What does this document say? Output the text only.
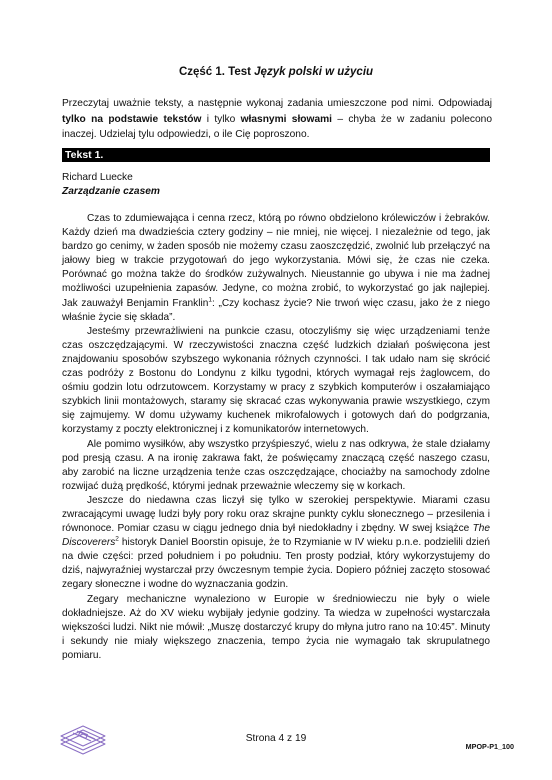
Część 1. Test Język polski w użyciu
Przeczytaj uważnie teksty, a następnie wykonaj zadania umieszczone pod nimi. Odpowiadaj tylko na podstawie tekstów i tylko własnymi słowami – chyba że w zadaniu polecono inaczej. Udzielaj tylu odpowiedzi, o ile Cię poproszono.
Tekst 1.
Richard Luecke
Zarządzanie czasem

Czas to zdumiewająca i cenna rzecz, którą po równo obdzielono królewiczów i żebraków. Każdy dzień ma dwadzieścia cztery godziny – nie mniej, nie więcej. I niezależnie od tego, jak bardzo go cenimy, w żaden sposób nie możemy czasu zaoszczędzić, zwolnić lub przełączyć na jałowy bieg w trakcie przygotowań do jego wykorzystania. Mówi się, że czas nie czeka. Porównać go można także do środków zużywalnych. Nieustannie go ubywa i nie ma żadnej możliwości uzupełnienia zapasów. Jedyne, co można zrobić, to wykorzystać go jak najlepiej. Jak zauważył Benjamin Franklin$^1$: „Czy kochasz życie? Nie trwoń więc czasu, jako że z niego właśnie życie się składa”.

Jesteśmy przewrażliwieni na punkcie czasu, otoczyliśmy się więc urządzeniami tenże czas oszczędzającymi. W rzeczywistości znaczna część ludzkich działań poświęcona jest znajdowaniu sposobów szybszego wykonania różnych czynności. I tak udało nam się skrócić czas podróży z Bostonu do Londynu z kilku tygodni, których wymagał rejs żaglowcem, do ośmiu godzin lotu odrzutowcem. Korzystamy w pracy z szybkich komputerów i oszałamiająco szybkich linii montażowych, staramy się skracać czas wykonywania prawie wszystkiego, czym się zajmujemy. W domu używamy kuchenek mikrofalowych i gotowych dań do podgrzania, korzystamy z poczty elektronicznej i z komunikatorów internetowych.

Ale pomimo wysiłków, aby wszystko przyśpieszyć, wielu z nas odkrywa, że stale działamy pod presją czasu. A na ironię zakrawa fakt, że poświęcamy znaczącą część naszego czasu, aby zarobić na liczne urządzenia tenże czas oszczędzające, chociażby na samochody zdolne rozwijać dużą prędkość, którymi jednak przeważnie wleczemy się w korkach.

Jeszcze do niedawna czas liczył się tylko w szerokiej perspektywie. Miarami czasu zwracającymi uwagę ludzi były pory roku oraz skrajne punkty cyklu słonecznego – przesilenia i równonoce. Pomiar czasu w ciągu jednego dnia był niedokładny i zbędny. W swej książce The Discoverers$^2$ historyk Daniel Boorstin opisuje, że to Rzymianie w IV wieku p.n.e. podzielili dzień na dwie części: przed południem i po południu. Ten prosty podział, który wykorzystujemy do dziś, najwyraźniej wystarczał przy ówczesnym tempie życia. Dopiero później zaczęto stosować zegary słoneczne i wodne do wyznaczania godzin.

Zegary mechaniczne wynaleziono w Europie w średniowieczu nie były o wiele dokładniejsze. Aż do XV wieku wybijały jedynie godziny. Ta wiedza w zupełności wystarczała większości ludzi. Nikt nie mówił: „Muszę dostarczyć krupy do młyna jutro rano na 10:45”. Minuty i sekundy nie miały większego znaczenia, tempo życia nie wymagało tak skrupulatnego pomiaru.

Strona 4 z 19
MPOP-P1_100
